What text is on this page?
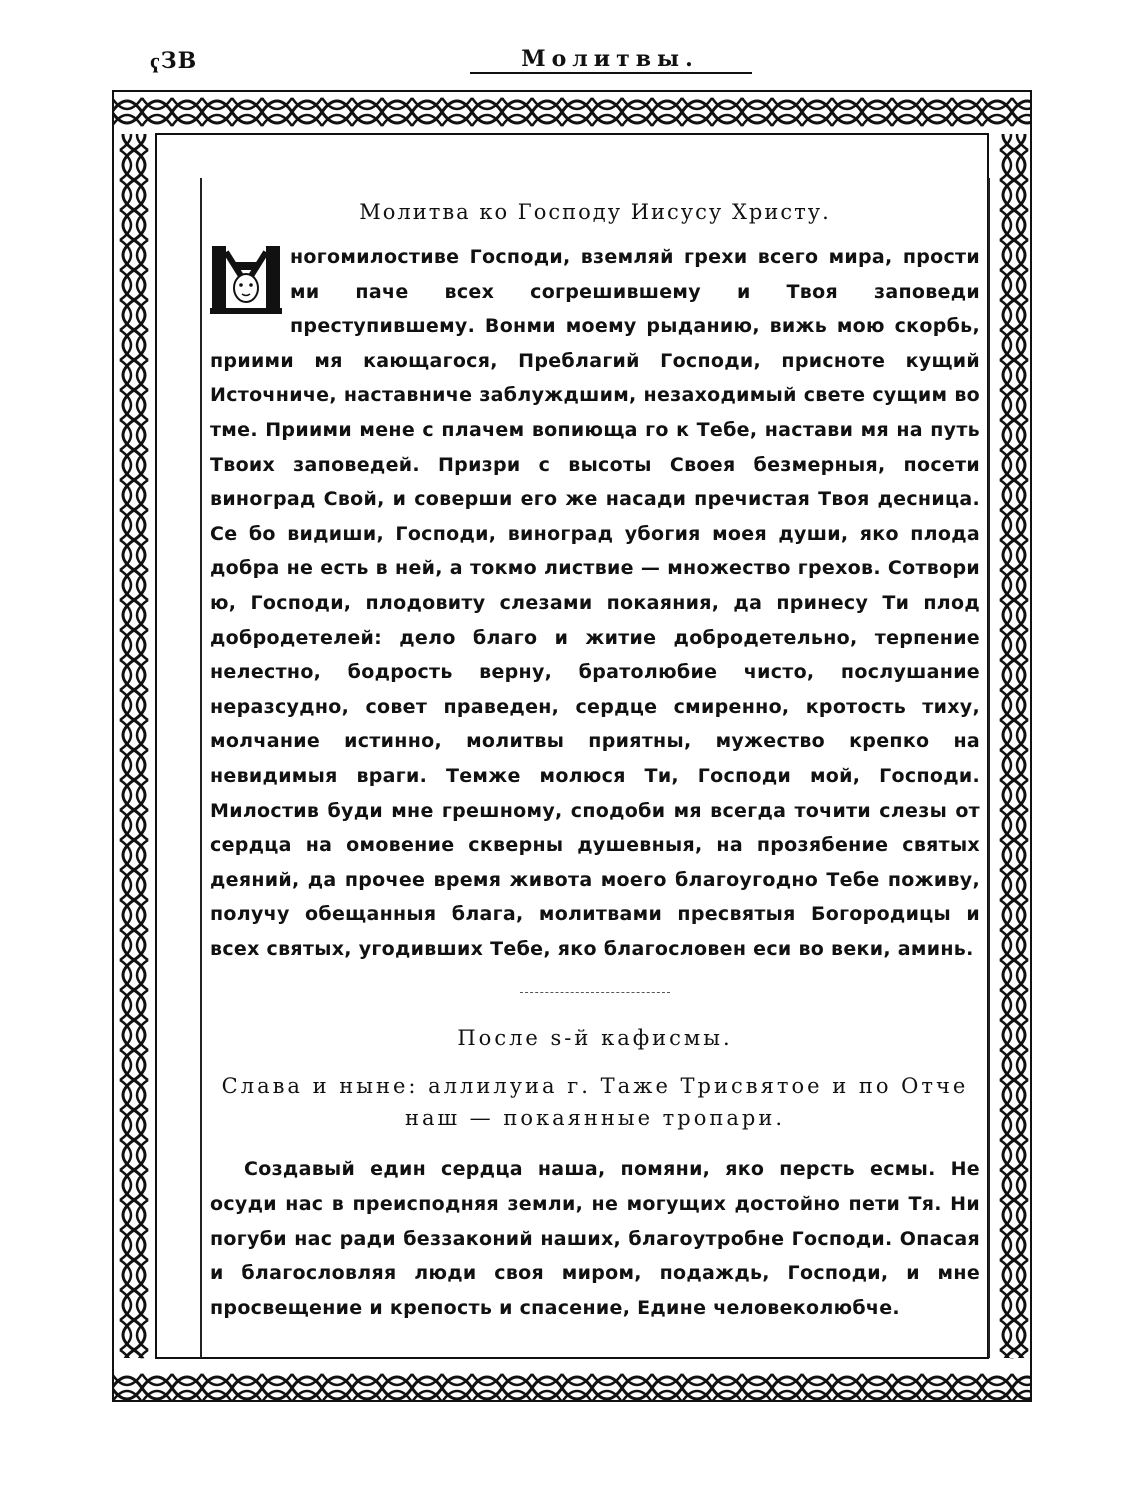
ҁЗВ	Молитвы.
Молитва ко Господу Иисусу Христу.
ногомилостиве Господи, вземляй грехи всего мира, прости ми паче всех согрешившему и Твоя заповеди преступившему. Вонми моему рыданию, вижь мою скорбь, приими мя кающагося, Преблагий Господи, присноте кущий Источниче, наставниче заблуждшим, незаходимый свете сущим во тме. Приими мене с плачем вопиюща го к Тебе, настави мя на путь Твоих заповедей. Призри с высоты Своея безмерныя, посети виноград Свой, и соверши его же насади пречистая Твоя десница. Се бо видиши, Господи, виноград убогия моея души, яко плода добра не есть в ней, а токмо листвие — множество грехов. Сотвори ю, Господи, плодовиту слезами покаяния, да принесу Ти плод добродетелей: дело благо и житие добродетельно, терпение нелестно, бодрость верну, братолюбие чисто, послушание неразсудно, совет праведен, сердце смиренно, кротость тиху, молчание истинно, молитвы приятны, мужество крепко на невидимыя враги. Темже молюся Ти, Господи мой, Господи. Милостив буди мне грешному, сподоби мя всегда точити слезы от сердца на омовение скверны душевныя, на прозябение святых деяний, да прочее время живота моего благоугодно Тебе поживу, получу обещанныя блага, молитвами пресвятыя Богородицы и всех святых, угодивших Тебе, яко благословен еси во веки, аминь.
После ѕ-й кафисмы.
Слава и ныне: аллилуиа г. Таже Трисвятое и по Отче наш — покаянные тропари.
Создавый един сердца наша, помяни, яко персть есмы. Не осуди нас в преисподняя земли, не могущих достойно пети Тя. Ни погуби нас ради беззаконий наших, благоутробне Господи. Опасая и благословляя люди своя миром, подаждь, Господи, и мне просвещение и крепость и спасение, Едине человеколюбче.
